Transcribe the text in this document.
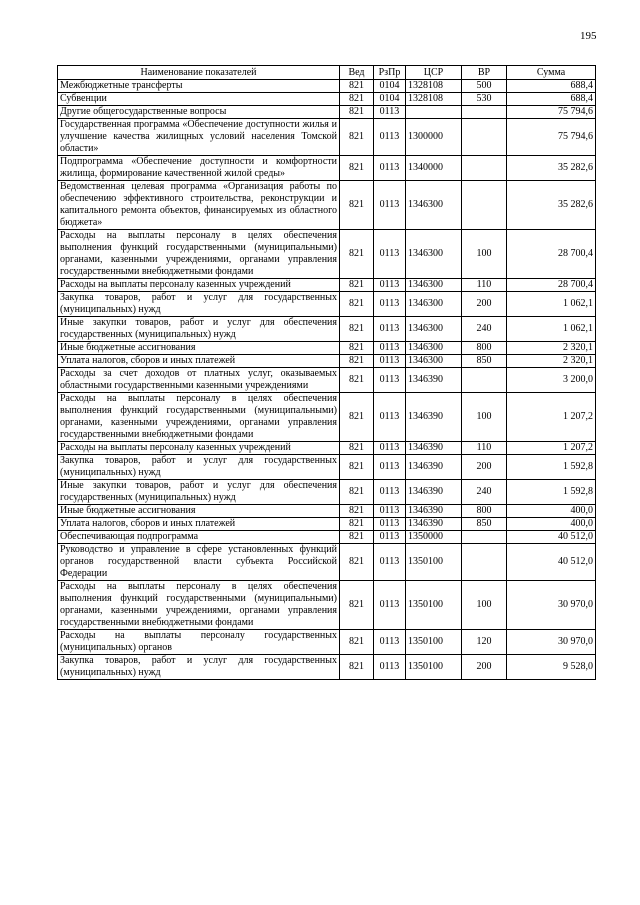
195
Наименование показателей	Вед	РзПр	ЦСР	ВР	Сумма
Межбюджетные трансферты	821	0104	1328108	500	688,4
Субвенции	821	0104	1328108	530	688,4
Другие общегосударственные вопросы	821	0113			75 794,6
Государственная программа «Обеспечение доступности жилья и улучшение качества жилищных условий населения Томской области»	821	0113	1300000		75 794,6
Подпрограмма «Обеспечение доступности и комфортности жилища, формирование качественной жилой среды»	821	0113	1340000		35 282,6
Ведомственная целевая программа «Организация работы по обеспечению эффективного строительства, реконструкции и капитального ремонта объектов, финансируемых из областного бюджета»	821	0113	1346300		35 282,6
Расходы на выплаты персоналу в целях обеспечения выполнения функций государственными (муниципальными) органами, казенными учреждениями, органами управления государственными внебюджетными фондами	821	0113	1346300	100	28 700,4
Расходы на выплаты персоналу казенных учреждений	821	0113	1346300	110	28 700,4
Закупка товаров, работ и услуг для государственных (муниципальных) нужд	821	0113	1346300	200	1 062,1
Иные закупки товаров, работ и услуг для обеспечения государственных (муниципальных) нужд	821	0113	1346300	240	1 062,1
Иные бюджетные ассигнования	821	0113	1346300	800	2 320,1
Уплата налогов, сборов и иных платежей	821	0113	1346300	850	2 320,1
Расходы за счет доходов от платных услуг, оказываемых областными государственными казенными учреждениями	821	0113	1346390		3 200,0
Расходы на выплаты персоналу в целях обеспечения выполнения функций государственными (муниципальными) органами, казенными учреждениями, органами управления государственными внебюджетными фондами	821	0113	1346390	100	1 207,2
Расходы на выплаты персоналу казенных учреждений	821	0113	1346390	110	1 207,2
Закупка товаров, работ и услуг для государственных (муниципальных) нужд	821	0113	1346390	200	1 592,8
Иные закупки товаров, работ и услуг для обеспечения государственных (муниципальных) нужд	821	0113	1346390	240	1 592,8
Иные бюджетные ассигнования	821	0113	1346390	800	400,0
Уплата налогов, сборов и иных платежей	821	0113	1346390	850	400,0
Обеспечивающая подпрограмма	821	0113	1350000		40 512,0
Руководство и управление в сфере установленных функций органов государственной власти субъекта Российской Федерации	821	0113	1350100		40 512,0
Расходы на выплаты персоналу в целях обеспечения выполнения функций государственными (муниципальными) органами, казенными учреждениями, органами управления государственными внебюджетными фондами	821	0113	1350100	100	30 970,0
Расходы на выплаты персоналу государственных (муниципальных) органов	821	0113	1350100	120	30 970,0
Закупка товаров, работ и услуг для государственных (муниципальных) нужд	821	0113	1350100	200	9 528,0
